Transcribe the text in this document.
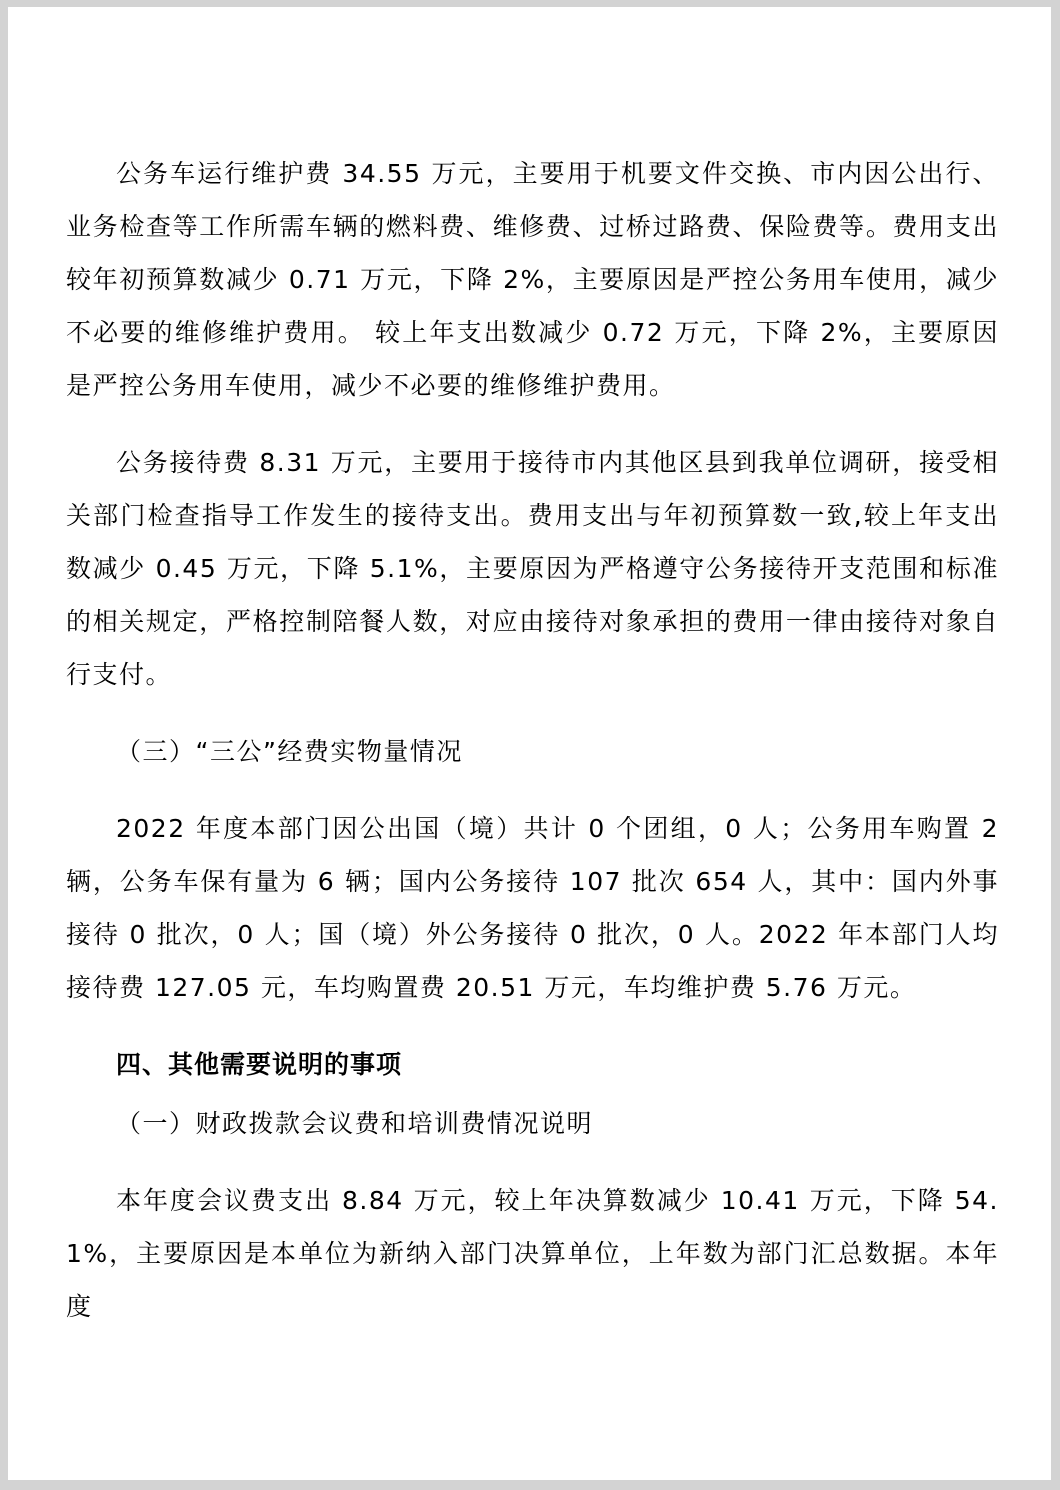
公务车运行维护费 34.55 万元，主要用于机要文件交换、市内因公出行、业务检查等工作所需车辆的燃料费、维修费、过桥过路费、保险费等。费用支出较年初预算数减少 0.71 万元，下降 2%，主要原因是严控公务用车使用，减少不必要的维修维护费用。 较上年支出数减少 0.72 万元，下降 2%，主要原因是严控公务用车使用，减少不必要的维修维护费用。

公务接待费 8.31 万元，主要用于接待市内其他区县到我单位调研，接受相关部门检查指导工作发生的接待支出。费用支出与年初预算数一致,较上年支出数减少 0.45 万元，下降 5.1%，主要原因为严格遵守公务接待开支范围和标准的相关规定，严格控制陪餐人数，对应由接待对象承担的费用一律由接待对象自行支付。

（三）“三公”经费实物量情况

2022 年度本部门因公出国（境）共计 0 个团组，0 人；公务用车购置 2 辆，公务车保有量为 6 辆；国内公务接待 107 批次 654 人，其中：国内外事接待 0 批次，0 人；国（境）外公务接待 0 批次，0 人。2022 年本部门人均接待费 127.05 元，车均购置费 20.51 万元，车均维护费 5.76 万元。

四、其他需要说明的事项

（一）财政拨款会议费和培训费情况说明

本年度会议费支出 8.84 万元，较上年决算数减少 10.41 万元，下降 54.1%，主要原因是本单位为新纳入部门决算单位，上年数为部门汇总数据。本年度
